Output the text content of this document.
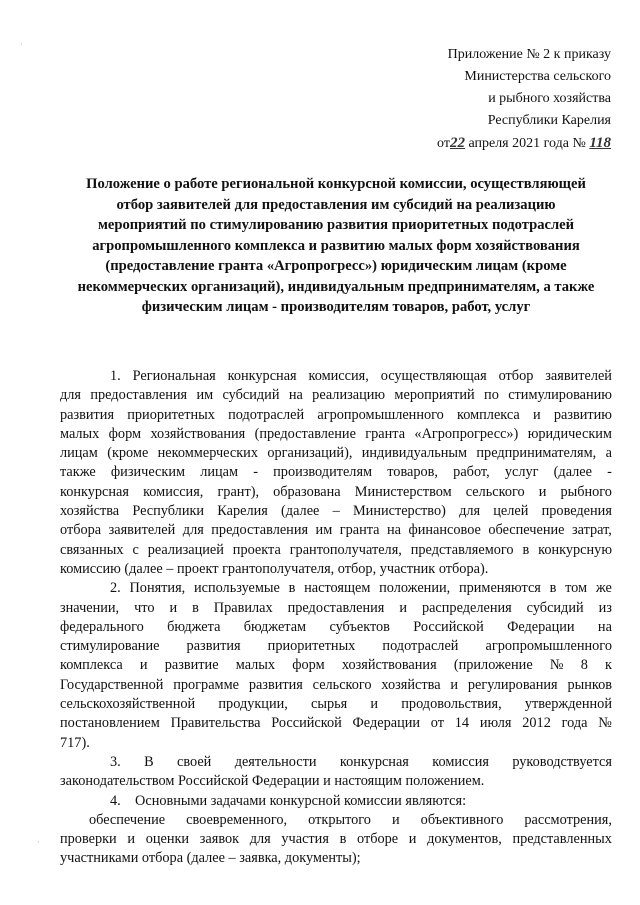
·
·
Приложение № 2 к приказу
Министерства сельского
и рыбного хозяйства
Республики Карелия
от22 апреля 2021 года № 118
Положение о работе региональной конкурсной комиссии, осуществляющей
отбор заявителей для предоставления им субсидий на реализацию
мероприятий по стимулированию развития приоритетных подотраслей
агропромышленного комплекса и развитию малых форм хозяйствования
(предоставление гранта «Агропрогресс») юридическим лицам (кроме
некоммерческих организаций), индивидуальным предпринимателям, а также
физическим лицам - производителям товаров, работ, услуг
1. Региональная конкурсная комиссия, осуществляющая отбор заявителей
для предоставления им субсидий на реализацию мероприятий по стимулированию
развития приоритетных подотраслей агропромышленного комплекса и развитию
малых форм хозяйствования (предоставление гранта «Агропрогресс») юридическим
лицам (кроме некоммерческих организаций), индивидуальным предпринимателям, а
также физическим лицам - производителям товаров, работ, услуг (далее -
конкурсная комиссия, грант), образована Министерством сельского и рыбного
хозяйства Республики Карелия (далее – Министерство) для целей проведения
отбора заявителей для предоставления им гранта на финансовое обеспечение затрат,
связанных с реализацией проекта грантополучателя, представляемого в конкурсную
комиссию (далее – проект грантополучателя, отбор, участник отбора).
2. Понятия, используемые в настоящем положении, применяются в том же
значении, что и в Правилах предоставления и распределения субсидий из
федерального бюджета бюджетам субъектов Российской Федерации на
стимулирование развития приоритетных подотраслей агропромышленного
комплекса и развитие малых форм хозяйствования (приложение № 8 к
Государственной программе развития сельского хозяйства и регулирования рынков
сельскохозяйственной продукции, сырья и продовольствия, утвержденной
постановлением Правительства Российской Федерации от 14 июля 2012 года №
717).
3. В своей деятельности конкурсная комиссия руководствуется
законодательством Российской Федерации и настоящим положением.
4.    Основными задачами конкурсной комиссии являются:
обеспечение своевременного, открытого и объективного рассмотрения,
проверки и оценки заявок для участия в отборе и документов, представленных
участниками отбора (далее – заявка, документы);
